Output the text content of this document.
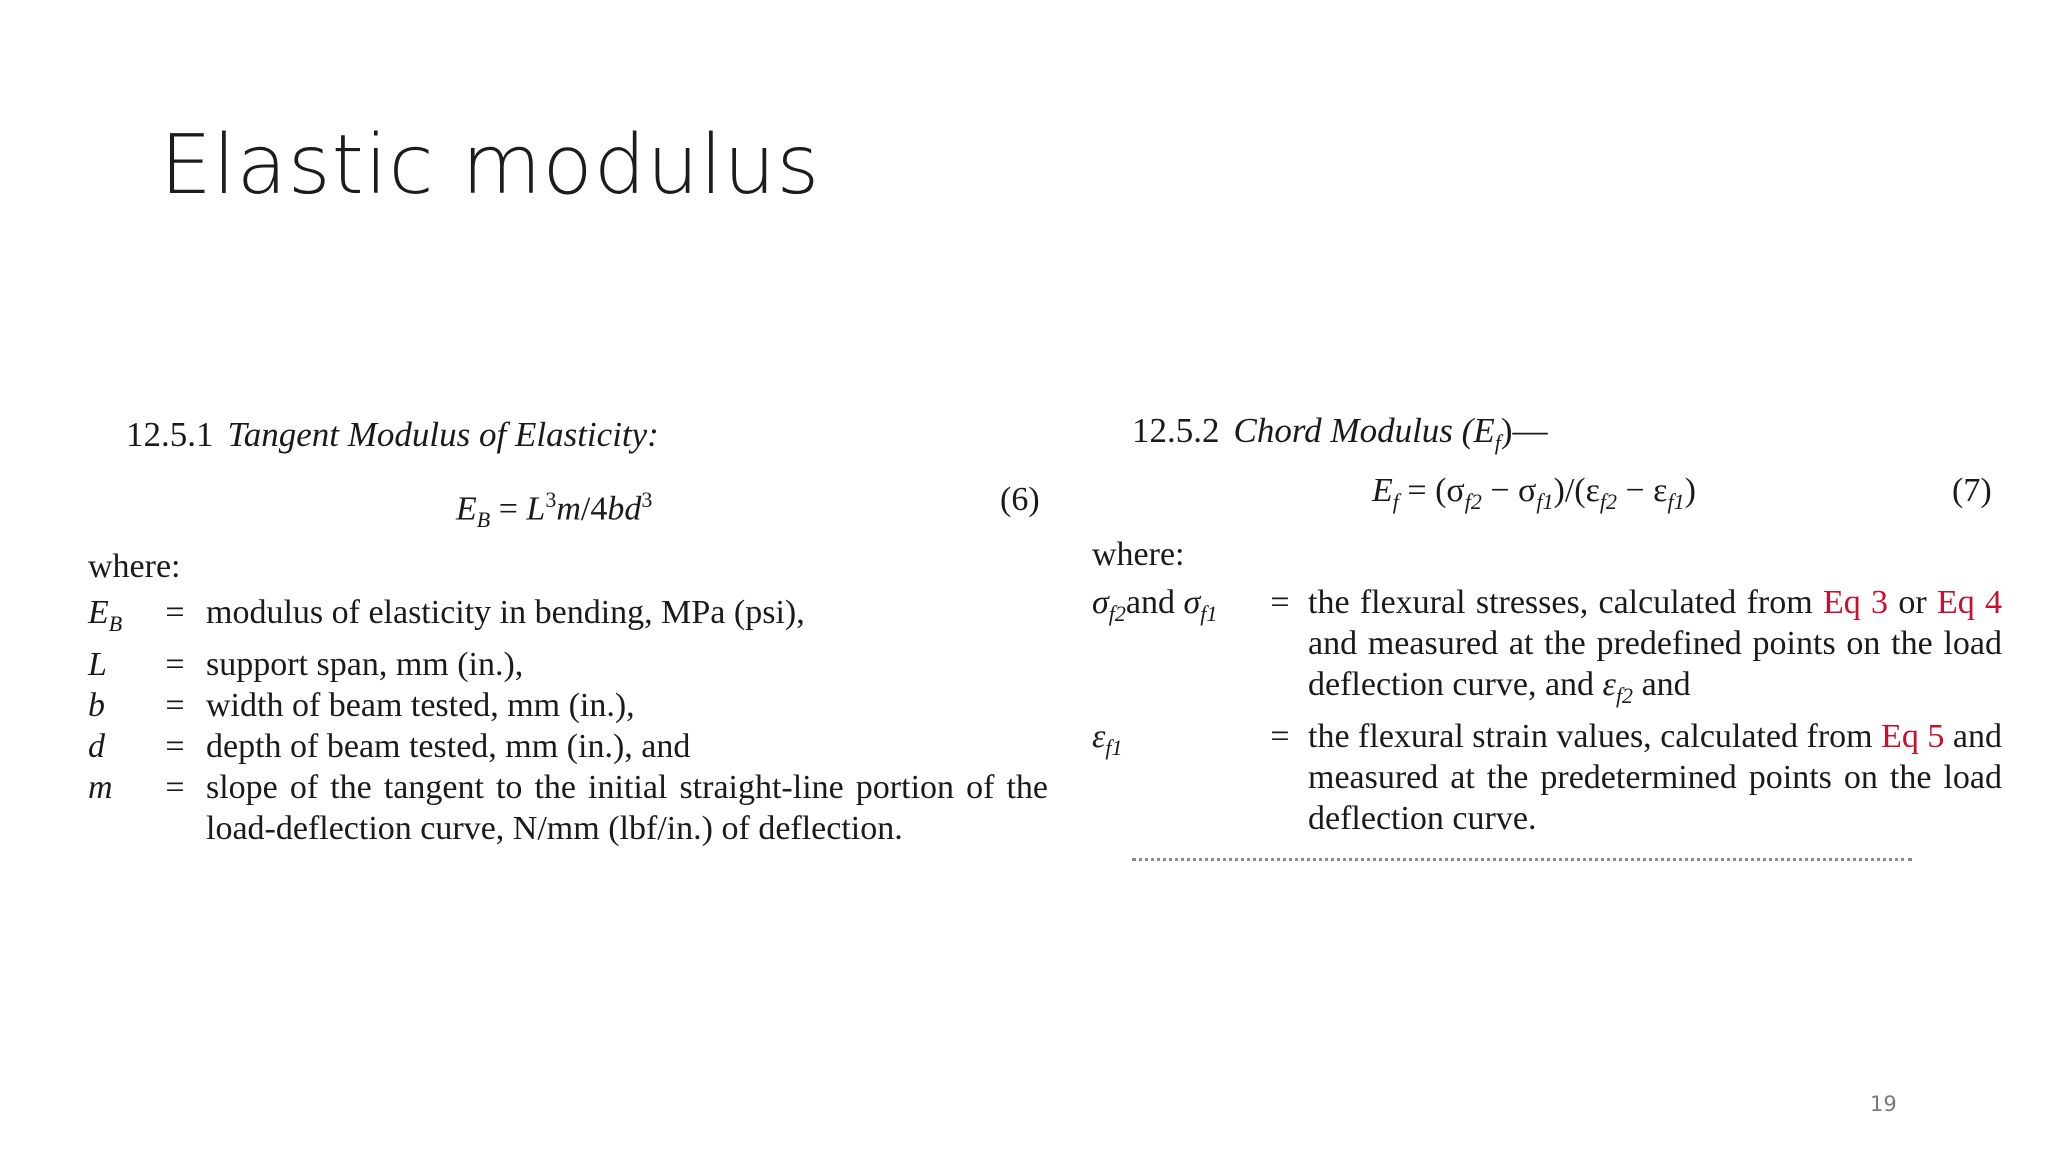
Elastic modulus
12.5.1 Tangent Modulus of Elasticity:
$E_B = L^3m/4bd^3$	(6)
where:
$E_B$	=	modulus of elasticity in bending, MPa (psi),
L	=	support span, mm (in.),
b	=	width of beam tested, mm (in.),
d	=	depth of beam tested, mm (in.), and
m	=	slope of the tangent to the initial straight-line portion of the load-deflection curve, N/mm (lbf/in.) of deflection.
12.5.2 Chord Modulus $(E_f)—$
$E_f = (\sigma_{f2} - \sigma_{f1})/(\varepsilon_{f2} - \varepsilon_{f1})$	(7)
where:
$\sigma_{f2}and$ $\sigma_{f1}$	=	the flexural stresses, calculated from Eq 3 or Eq 4 and measured at the predefined points on the load deflection curve, and $\varepsilon_{f2}$ and
$\varepsilon_{f1}$	=	the flexural strain values, calculated from Eq 5 and measured at the predetermined points on the load deflection curve.
19
